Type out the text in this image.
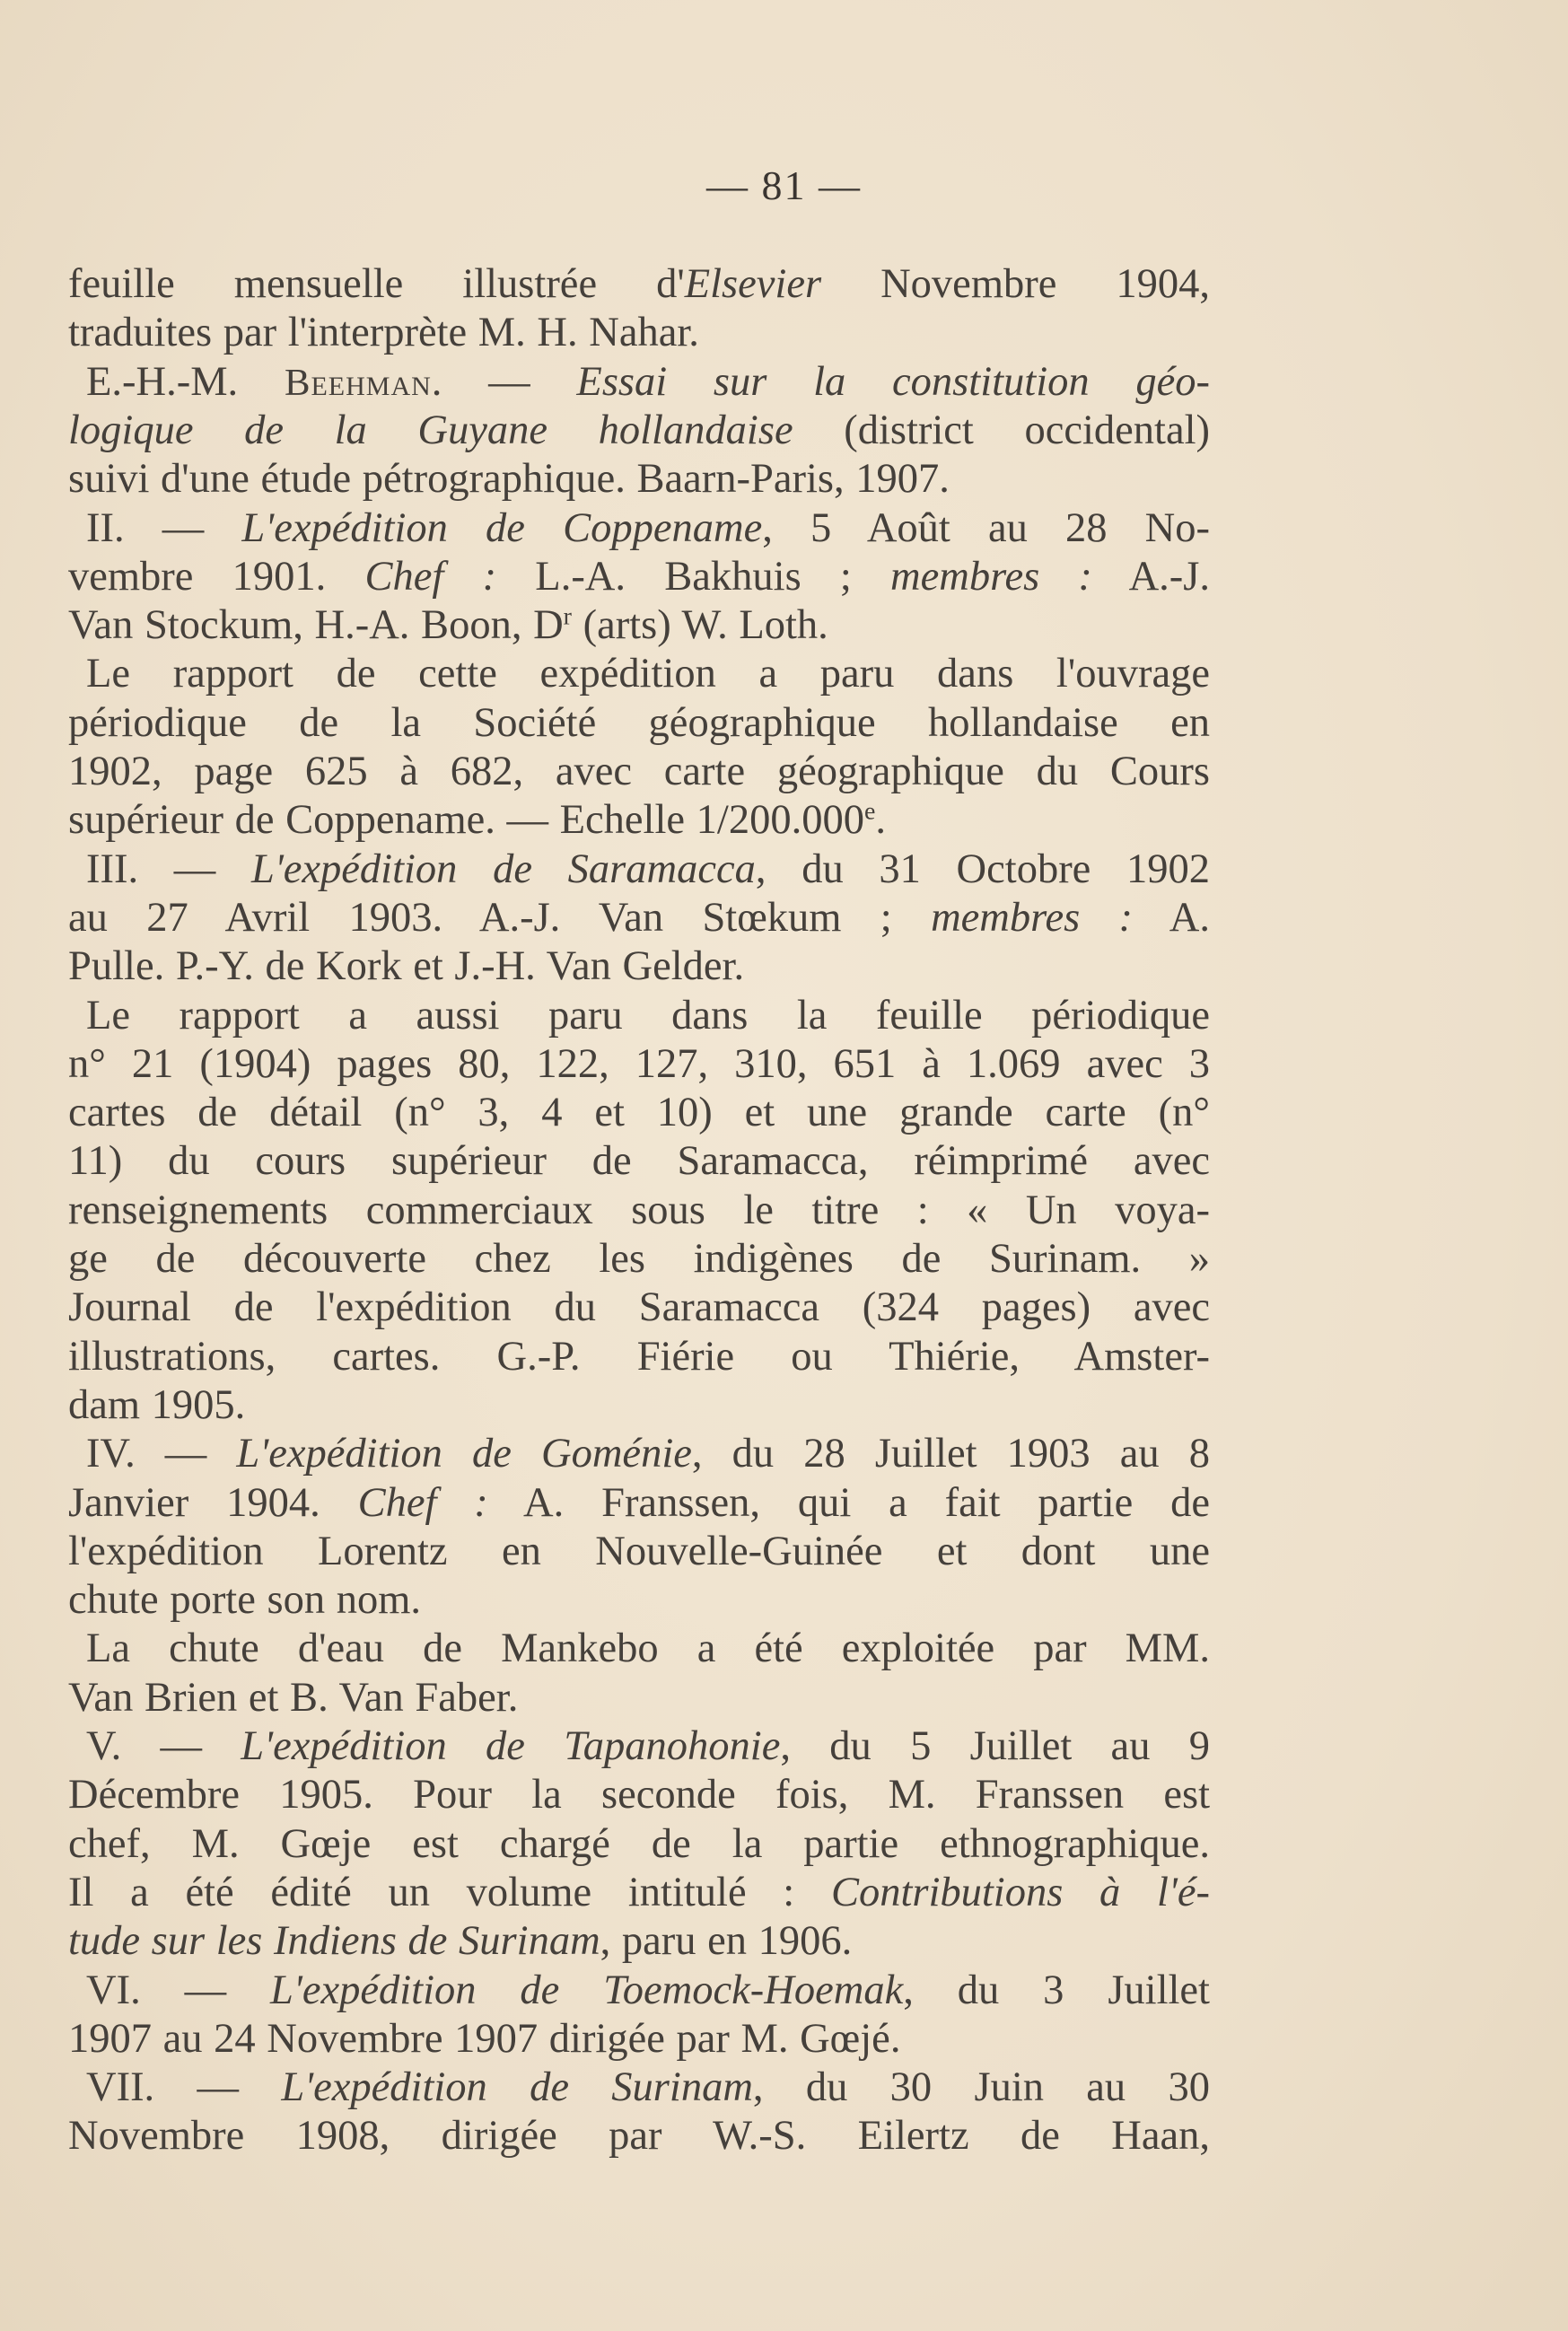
— 81 —
feuille mensuelle illustrée d'Elsevier Novembre 1904,
traduites par l'interprète M. H. Nahar.
E.-H.-M. Beehman. — Essai sur la constitution géo-
logique de la Guyane hollandaise (district occidental)
suivi d'une étude pétrographique. Baarn-Paris, 1907.
II. — L'expédition de Coppename, 5 Août au 28 No-
vembre 1901. Chef : L.-A. Bakhuis ; membres : A.-J.
Van Stockum, H.-A. Boon, $D^r$ (arts) W. Loth.
Le rapport de cette expédition a paru dans l'ouvrage
périodique de la Société géographique hollandaise en
1902, page 625 à 682, avec carte géographique du Cours
supérieur de Coppename. — Echelle 1/200.000e.
III. — L'expédition de Saramacca, du 31 Octobre 1902
au 27 Avril 1903. A.-J. Van Stœkum ; membres : A.
Pulle. P.-Y. de Kork et J.-H. Van Gelder.
Le rapport a aussi paru dans la feuille périodique
n° 21 (1904) pages 80, 122, 127, 310, 651 à 1.069 avec 3
cartes de détail (n° 3, 4 et 10) et une grande carte (n°
11) du cours supérieur de Saramacca, réimprimé avec
renseignements commerciaux sous le titre : « Un voya-
ge de découverte chez les indigènes de Surinam. »
Journal de l'expédition du Saramacca (324 pages) avec
illustrations, cartes. G.-P. Fiérie ou Thiérie, Amster-
dam 1905.
IV. — L'expédition de Goménie, du 28 Juillet 1903 au 8
Janvier 1904. Chef : A. Franssen, qui a fait partie de
l'expédition Lorentz en Nouvelle-Guinée et dont une
chute porte son nom.
La chute d'eau de Mankebo a été exploitée par MM.
Van Brien et B. Van Faber.
V. — L'expédition de Tapanohonie, du 5 Juillet au 9
Décembre 1905. Pour la seconde fois, M. Franssen est
chef, M. Gœje est chargé de la partie ethnographique.
Il a été édité un volume intitulé : Contributions à l'é-
tude sur les Indiens de Surinam, paru en 1906.
VI. — L'expédition de Toemock-Hoemak, du 3 Juillet
1907 au 24 Novembre 1907 dirigée par M. Gœjé.
VII. — L'expédition de Surinam, du 30 Juin au 30
Novembre 1908, dirigée par W.-S. Eilertz de Haan,
